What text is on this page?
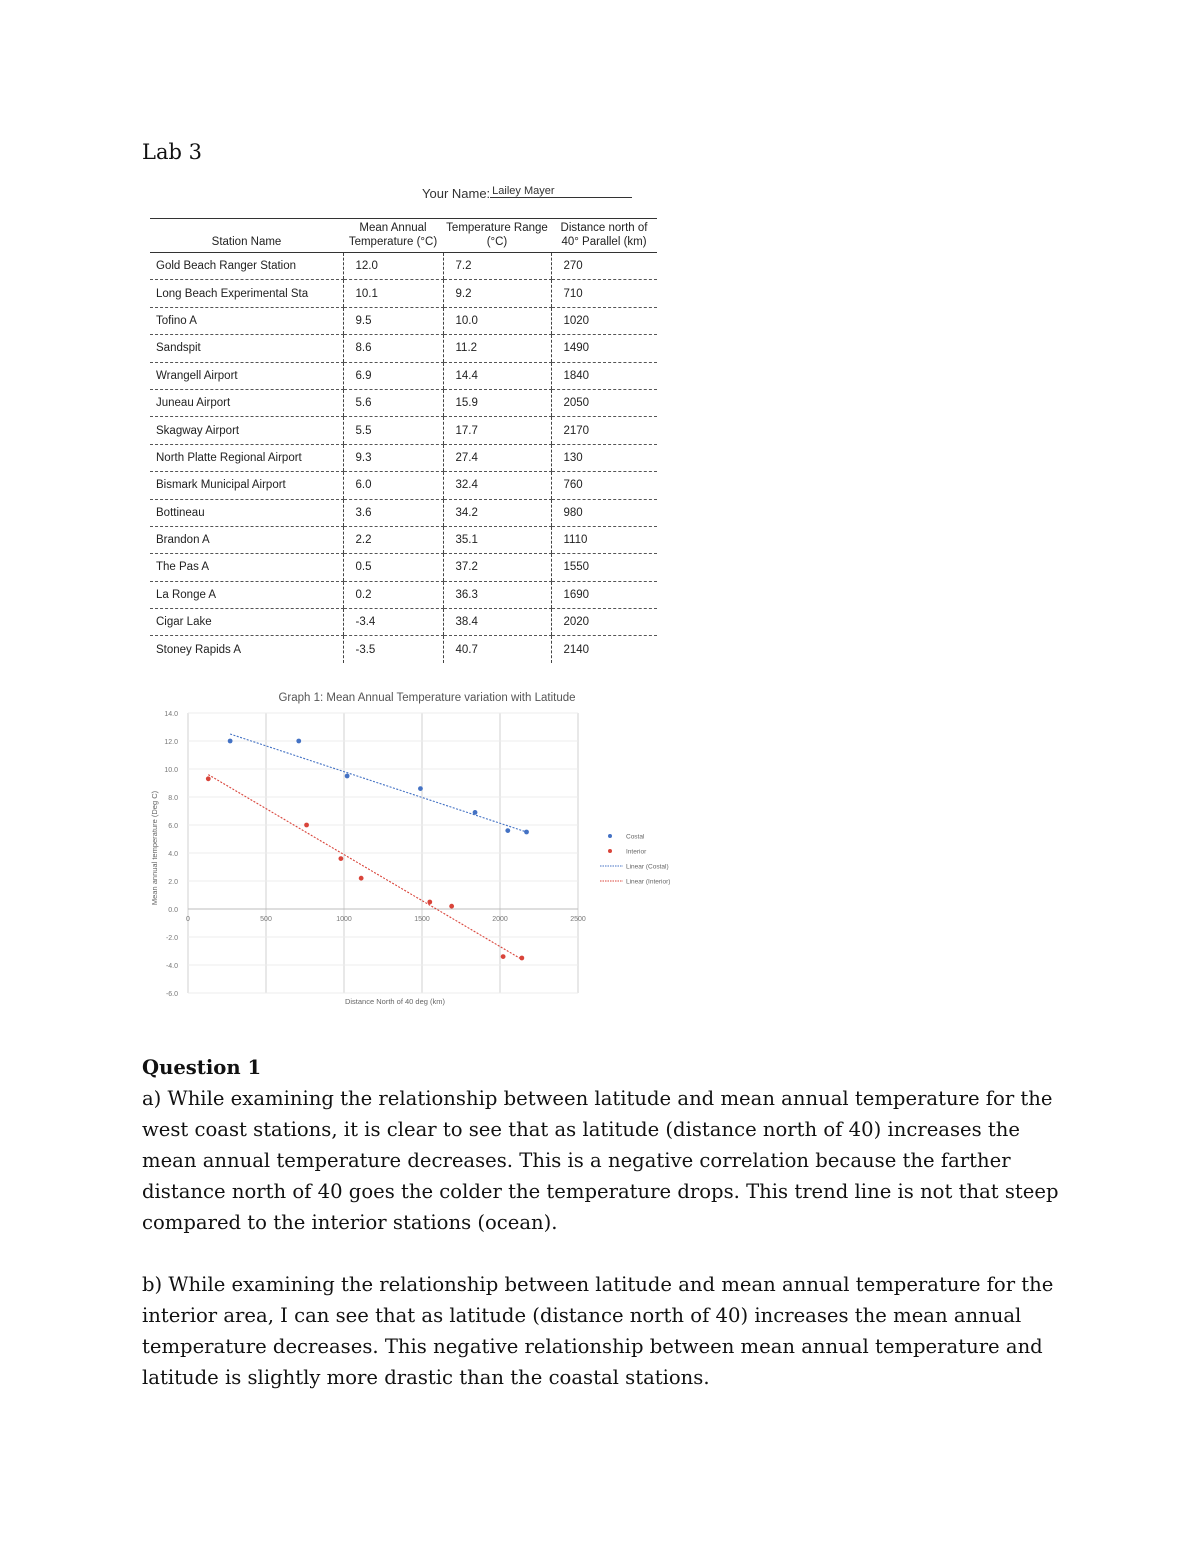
Lab 3
Your Name: Lailey Mayer
Station Name	Mean Annual Temperature (°C)	Temperature Range (°C)	Distance north of 40° Parallel (km)
Gold Beach Ranger Station	12.0	7.2	270
Long Beach Experimental Sta	10.1	9.2	710
Tofino A	9.5	10.0	1020
Sandspit	8.6	11.2	1490
Wrangell Airport	6.9	14.4	1840
Juneau Airport	5.6	15.9	2050
Skagway Airport	5.5	17.7	2170
North Platte Regional Airport	9.3	27.4	130
Bismark Municipal Airport	6.0	32.4	760
Bottineau	3.6	34.2	980
Brandon A	2.2	35.1	1110
The Pas A	0.5	37.2	1550
La Ronge A	0.2	36.3	1690
Cigar Lake	-3.4	38.4	2020
Stoney Rapids A	-3.5	40.7	2140
Graph 1: Mean Annual Temperature variation with Latitude
0	500	1000	1500	2000	2500
14.0
12.0
10.0
8.0
6.0
4.0
2.0
0.0
-2.0
-4.0
-6.0
Costal
Interior
Linear (Costal)
Linear (Interior)
Distance North of 40 deg (km)
Mean annual temperature (Deg C)
Question 1

a) While examining the relationship between latitude and mean annual temperature for the west coast stations, it is clear to see that as latitude (distance north of 40) increases the mean annual temperature decreases. This is a negative correlation because the farther distance north of 40 goes the colder the temperature drops. This trend line is not that steep compared to the interior stations (ocean).

b) While examining the relationship between latitude and mean annual temperature for the interior area, I can see that as latitude (distance north of 40) increases the mean annual temperature decreases. This negative relationship between mean annual temperature and latitude is slightly more drastic than the coastal stations.
